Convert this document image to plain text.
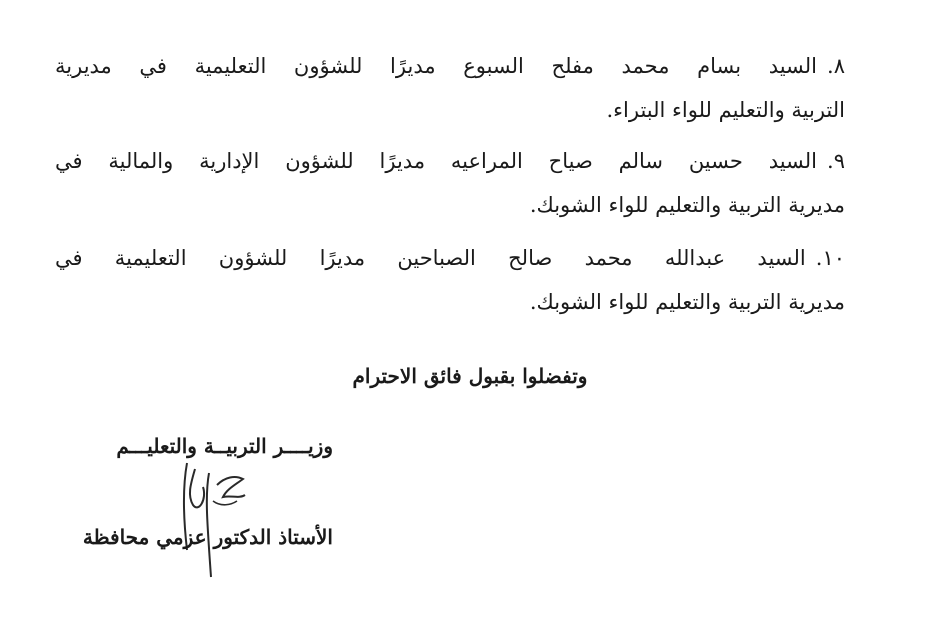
٨.السيد بسام محمد مفلح السبوع مديرًا للشؤون التعليمية في مديرية
التربية والتعليم للواء البتراء.
٩.السيد حسين سالم صياح المراعيه مديرًا للشؤون الإدارية والمالية في
مديرية التربية والتعليم للواء الشوبك.
١٠.السيد عبدالله محمد صالح الصباحين مديرًا للشؤون التعليمية في
مديرية التربية والتعليم للواء الشوبك.
وتفضلوا بقبول فائق الاحترام
وزيــــر التربيــة والتعليـــم
الأستاذ الدكتور عزمي محافظة
